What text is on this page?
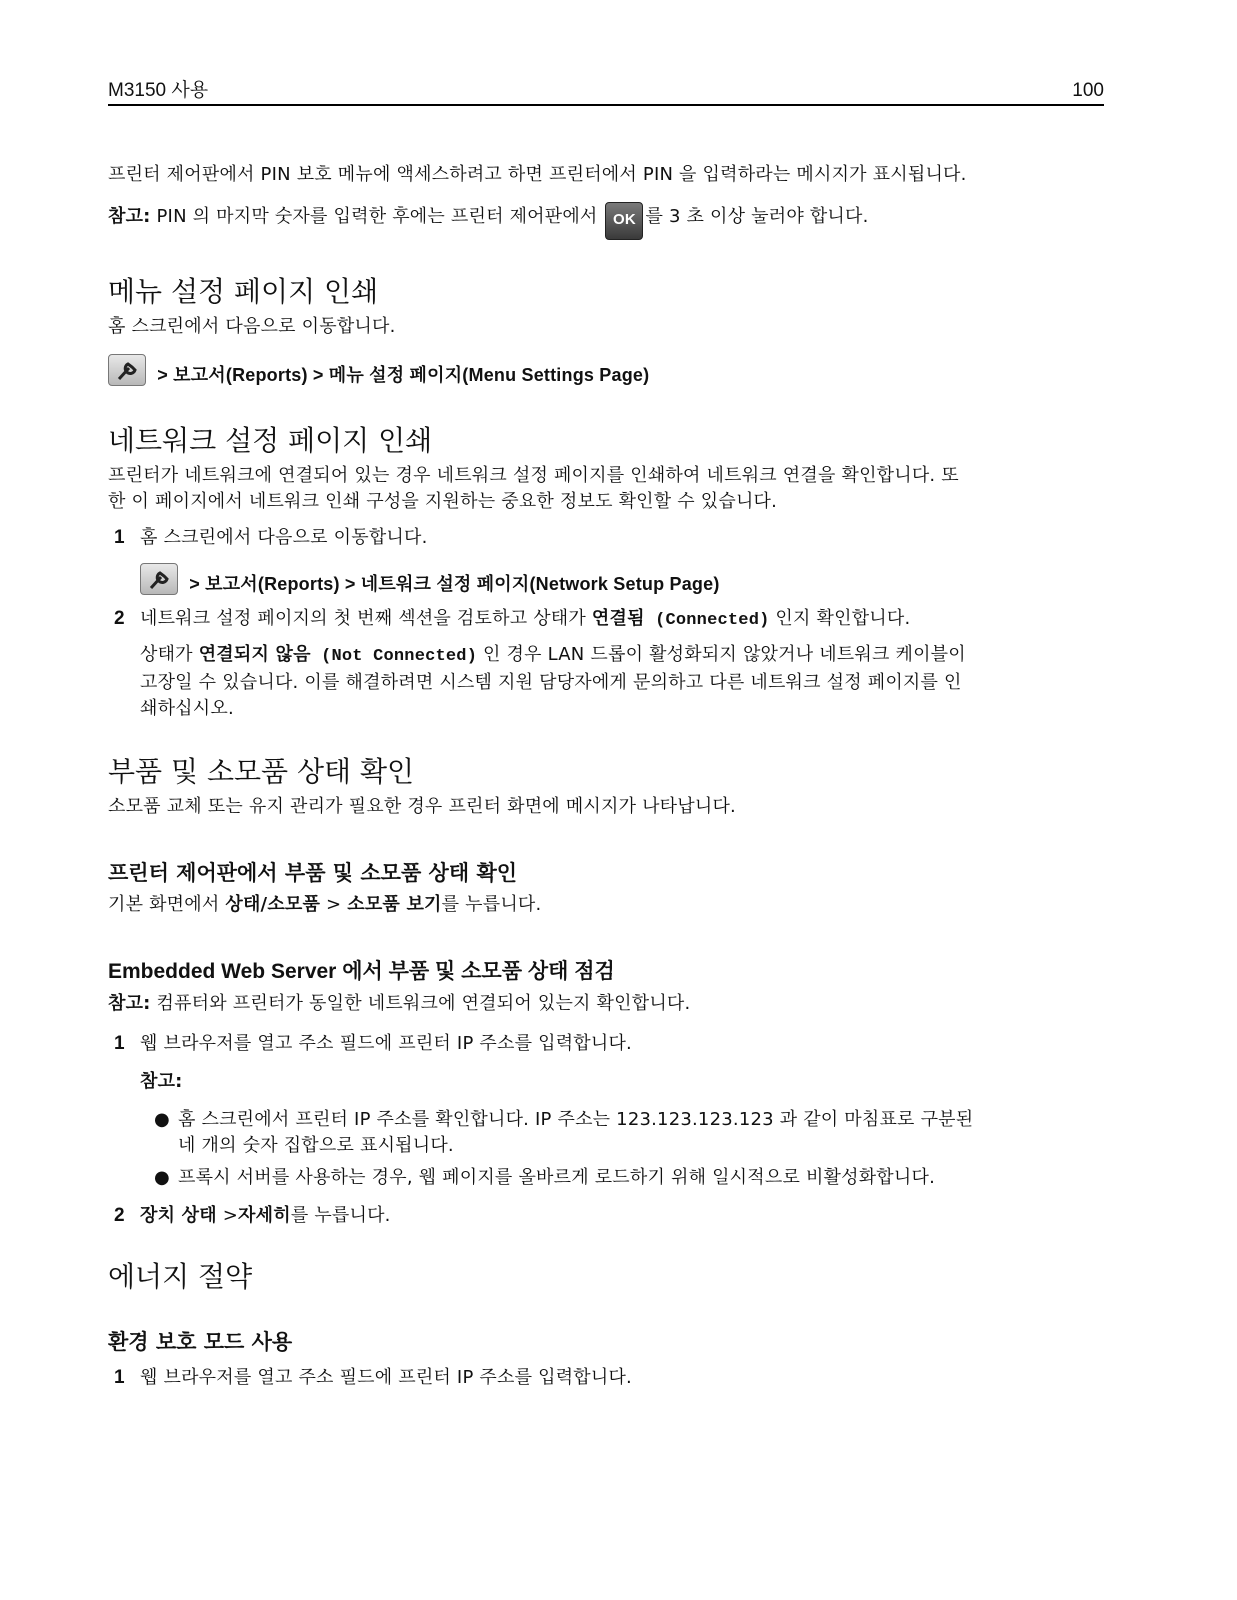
M3150 사용	100

프린터 제어판에서 PIN 보호 메뉴에 액세스하려고 하면 프린터에서 PIN 을 입력하라는 메시지가 표시됩니다.

참고: PIN 의 마지막 숫자를 입력한 후에는 프린터 제어판에서 OK 를 3 초 이상 눌러야 합니다.

메뉴 설정 페이지 인쇄

홈 스크린에서 다음으로 이동합니다.

> 보고서(Reports) > 메뉴 설정 페이지(Menu Settings Page)

네트워크 설정 페이지 인쇄

프린터가 네트워크에 연결되어 있는 경우 네트워크 설정 페이지를 인쇄하여 네트워크 연결을 확인합니다. 또

한 이 페이지에서 네트워크 인쇄 구성을 지원하는 중요한 정보도 확인할 수 있습니다.

1 홈 스크린에서 다음으로 이동합니다.

> 보고서(Reports) > 네트워크 설정 페이지(Network Setup Page)

2 네트워크 설정 페이지의 첫 번째 섹션을 검토하고 상태가 연결됨 (Connected) 인지 확인합니다.

상태가 연결되지 않음 (Not Connected) 인 경우 LAN 드롭이 활성화되지 않았거나 네트워크 케이블이

고장일 수 있습니다. 이를 해결하려면 시스템 지원 담당자에게 문의하고 다른 네트워크 설정 페이지를 인

쇄하십시오.

부품 및 소모품 상태 확인

소모품 교체 또는 유지 관리가 필요한 경우 프린터 화면에 메시지가 나타납니다.

프린터 제어판에서 부품 및 소모품 상태 확인

기본 화면에서 상태/소모품 > 소모품 보기를 누릅니다.

Embedded Web Server 에서 부품 및 소모품 상태 점검

참고: 컴퓨터와 프린터가 동일한 네트워크에 연결되어 있는지 확인합니다.

1 웹 브라우저를 열고 주소 필드에 프린터 IP 주소를 입력합니다.

참고:

● 홈 스크린에서 프린터 IP 주소를 확인합니다. IP 주소는 123.123.123.123 과 같이 마침표로 구분된

네 개의 숫자 집합으로 표시됩니다.

● 프록시 서버를 사용하는 경우, 웹 페이지를 올바르게 로드하기 위해 일시적으로 비활성화합니다.

2 장치 상태 >자세히를 누릅니다.

에너지 절약
환경 보호 모드 사용

1 웹 브라우저를 열고 주소 필드에 프린터 IP 주소를 입력합니다.
